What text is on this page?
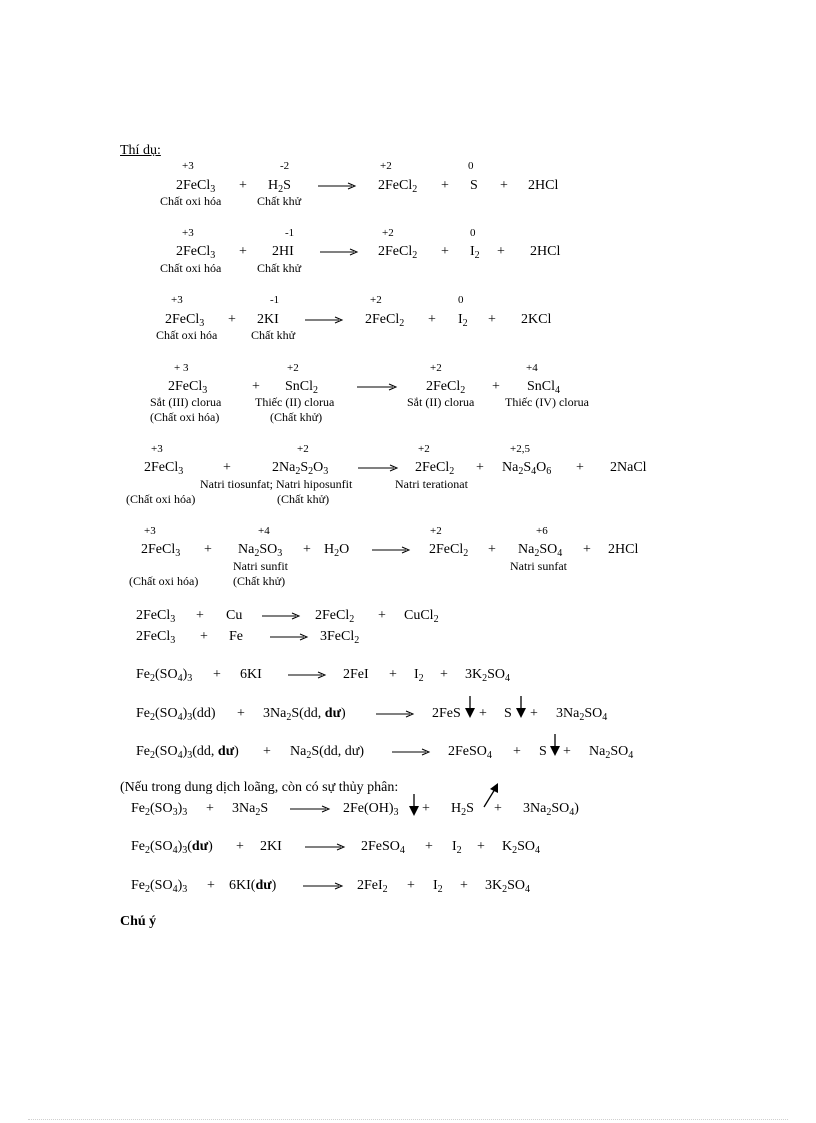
Thí dụ:
+3	-2	+2	0
2FeCl$_3$ + $H_2S$ → 2FeCl$_2$ + S + 2HCl
Chất oxi hóa	Chất khử
+3	-1	+2	0
2FeCl$_3$ + 2HI → 2FeCl$_2$ + $I_2 + 2HCl$
Chất oxi hóa	Chất khử
+3	-1	+2	0
2FeCl$_3$ + 2KI → 2FeCl$_2$ + $I_2 + 2KCl$
Chất oxi hóa	Chất khử
+ 3	+2	+2	+4
2FeCl$_3$	+ SnCl$_2$	2FeCl$_2$ + SnCl$_4$
Sắt (III) clorua	Thiếc (II) clorua	Sắt (II) clorua	Thiếc (IV) clorua
(Chất oxi hóa)	(Chất khử)
+3	+2	+2	+2,5
2FeCl$_3$	+	$2Na_2S_2O_3$ → 2FeCl$_2$ + $Na_2S_4O_6$ + 2NaCl
Natri tiosunfat; Natri hiposunfit	Natri terationat
(Chất oxi hóa)	(Chất khử)
+3	+4	+2	+6
2FeCl$_3$ + $Na_2SO_3 + H_2O$ → 2FeCl$_2$ + $Na_2SO_4 + 2HCl$
Natri sunfit	Natri sunfat
(Chất oxi hóa)	(Chất khử)
2FeCl$_3$ + Cu → 2FeCl$_2$ + CuCl$_2$
2FeCl$_3$ + Fe → 3FeCl$_2$
$Fe_2(SO_4)_3 + 6KI \to 2FeI + I_2 + 3K_2SO_4$
$Fe_2(SO_4)_3(dd) + 3Na_2S(dd$, dư) → $2FeS + S + 3Na_2SO_4$
$Fe_2(SO_4)_3(dd$, dư) + $Na_2S(dd$, dư) → 2FeSO$_4$ + $S + Na_2SO_4$
(Nếu trong dung dịch loãng, còn có sự thủy phân:
$Fe_2(SO_3)_3 + 3Na_2S \to 2Fe(OH)_3 + H_2S + 3Na_2SO_4$)
$Fe_2(SO_4)_3(dư) + 2KI$ → 2FeSO$_4$ + $I_2 + K_2SO_4$
$Fe_2(SO_4)_3$ + 6KI(dư) → $2FeI_2 + I_2 + 3K_2SO_4$
Chú ý
